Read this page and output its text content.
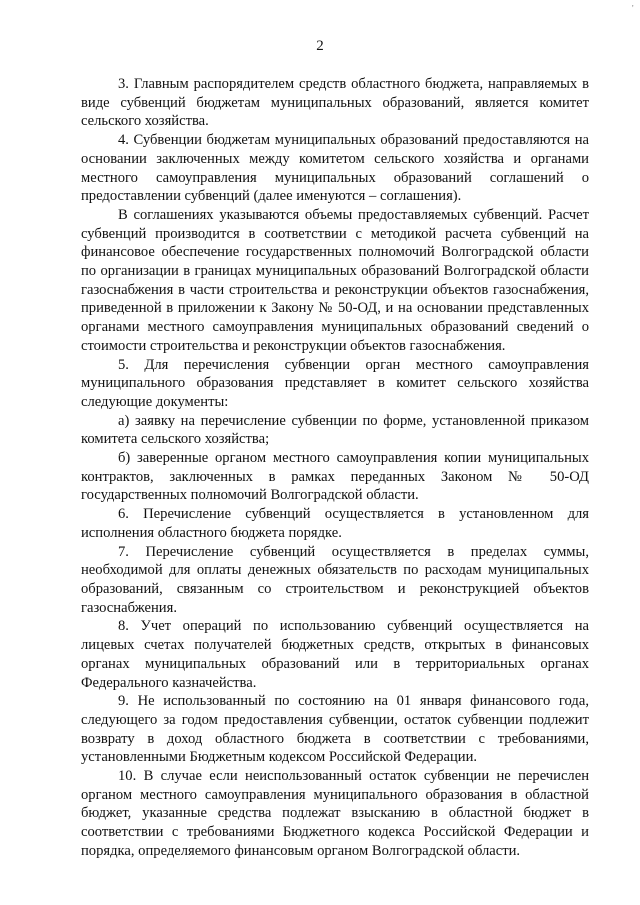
‚
2

3. Главным распорядителем средств областного бюджета, направляемых в виде субвенций бюджетам муниципальных образований, является комитет сельского хозяйства.

4. Субвенции бюджетам муниципальных образований предоставляются на основании заключенных между комитетом сельского хозяйства и органами местного самоуправления муниципальных образований соглашений о предоставлении субвенций (далее именуются – соглашения).

В соглашениях указываются объемы предоставляемых субвенций. Расчет субвенций производится в соответствии с методикой расчета субвенций на финансовое обеспечение государственных полномочий Волгоградской области по организации в границах муниципальных образований Волгоградской области газоснабжения в части строительства и реконструкции объектов газоснабжения, приведенной в приложении к Закону № 50-ОД, и на основании представленных органами местного самоуправления муниципальных образований сведений о стоимости строительства и реконструкции объектов газоснабжения.

5. Для перечисления субвенции орган местного самоуправления муниципального образования представляет в комитет сельского хозяйства следующие документы:

а) заявку на перечисление субвенции по форме, установленной приказом комитета сельского хозяйства;

б) заверенные органом местного самоуправления копии муниципальных контрактов, заключенных в рамках переданных Законом № 50-ОД государственных полномочий Волгоградской области.

6. Перечисление субвенций осуществляется в установленном для исполнения областного бюджета порядке.

7. Перечисление субвенций осуществляется в пределах суммы, необходимой для оплаты денежных обязательств по расходам муниципальных образований, связанным со строительством и реконструкцией объектов газоснабжения.

8. Учет операций по использованию субвенций осуществляется на лицевых счетах получателей бюджетных средств, открытых в финансовых органах муниципальных образований или в территориальных органах Федерального казначейства.

9. Не использованный по состоянию на 01 января финансового года, следующего за годом предоставления субвенции, остаток субвенции подлежит возврату в доход областного бюджета в соответствии с требованиями, установленными Бюджетным кодексом Российской Федерации.

10. В случае если неиспользованный остаток субвенции не перечислен органом местного самоуправления муниципального образования в областной бюджет, указанные средства подлежат взысканию в областной бюджет в соответствии с требованиями Бюджетного кодекса Российской Федерации и порядка, определяемого финансовым органом Волгоградской области.
